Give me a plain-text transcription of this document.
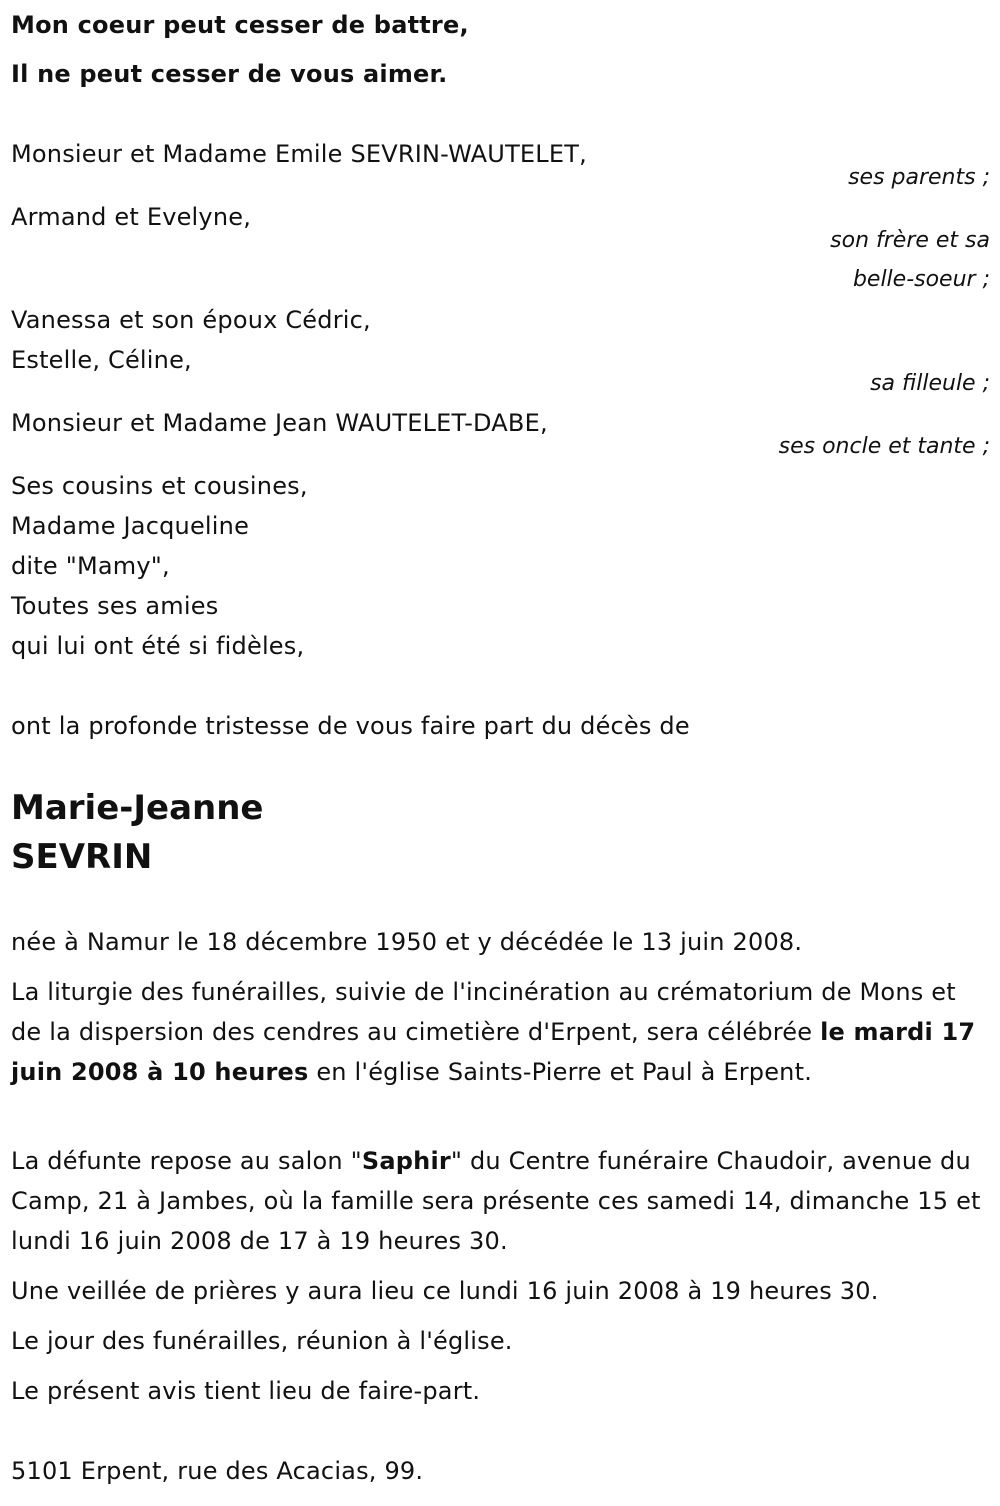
Mon coeur peut cesser de battre,
Il ne peut cesser de vous aimer.
Monsieur et Madame Emile SEVRIN-WAUTELET,
ses parents ;
Armand et Evelyne,
son frère et sa
belle-soeur ;
Vanessa et son époux Cédric,
Estelle, Céline,
sa filleule ;
Monsieur et Madame Jean WAUTELET-DABE,
ses oncle et tante ;
Ses cousins et cousines,
Madame Jacqueline
dite "Mamy",
Toutes ses amies
qui lui ont été si fidèles,
ont la profonde tristesse de vous faire part du décès de
Marie-Jeanne
SEVRIN
née à Namur le 18 décembre 1950 et y décédée le 13 juin 2008.
La liturgie des funérailles, suivie de l'incinération au crématorium de Mons et de la dispersion des cendres au cimetière d'Erpent, sera célébrée le mardi 17 juin 2008 à 10 heures en l'église Saints-Pierre et Paul à Erpent.
La défunte repose au salon "Saphir" du Centre funéraire Chaudoir, avenue du Camp, 21 à Jambes, où la famille sera présente ces samedi 14, dimanche 15 et lundi 16 juin 2008 de 17 à 19 heures 30.
Une veillée de prières y aura lieu ce lundi 16 juin 2008 à 19 heures 30.
Le jour des funérailles, réunion à l'église.
Le présent avis tient lieu de faire-part.
5101 Erpent, rue des Acacias, 99.
